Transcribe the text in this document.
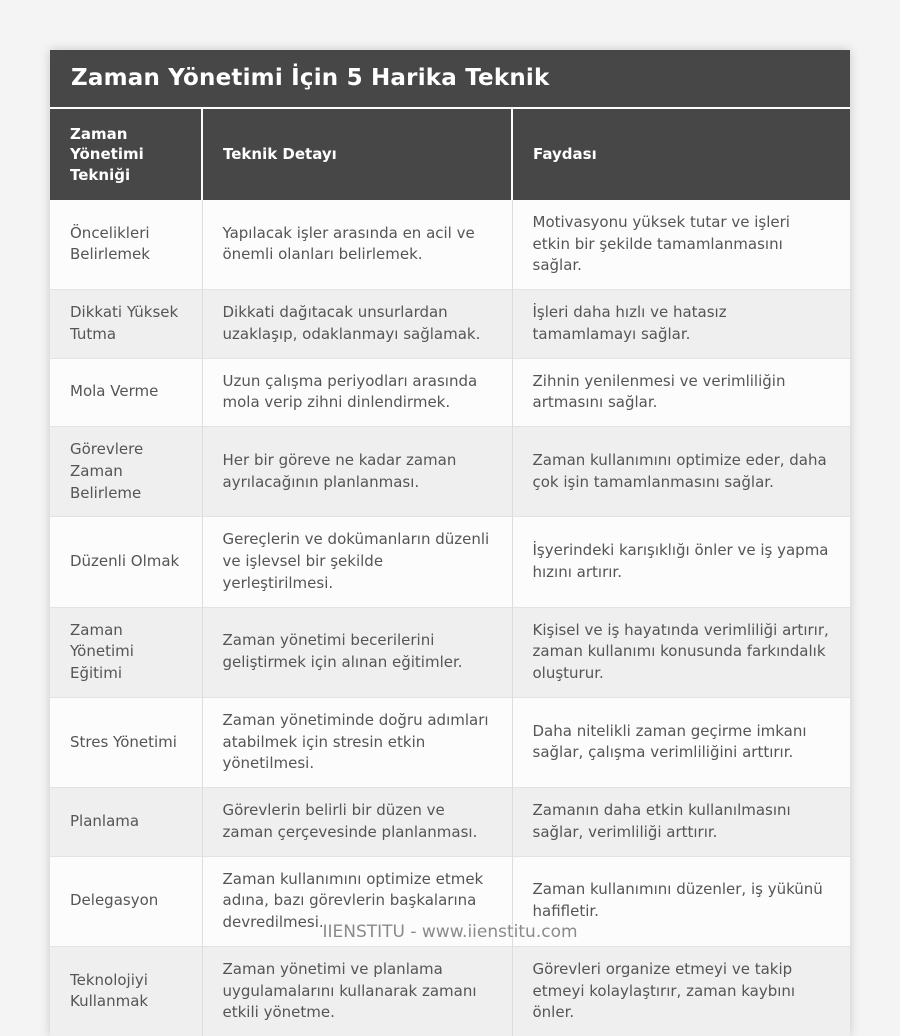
Zaman Yönetimi İçin 5 Harika Teknik
Zaman Yönetimi Tekniği	Teknik Detayı	Faydası
Öncelikleri Belirlemek	Yapılacak işler arasında en acil ve önemli olanları belirlemek.	Motivasyonu yüksek tutar ve işleri etkin bir şekilde tamamlanmasını sağlar.
Dikkati Yüksek Tutma	Dikkati dağıtacak unsurlardan uzaklaşıp, odaklanmayı sağlamak.	İşleri daha hızlı ve hatasız tamamlamayı sağlar.
Mola Verme	Uzun çalışma periyodları arasında mola verip zihni dinlendirmek.	Zihnin yenilenmesi ve verimliliğin artmasını sağlar.
Görevlere Zaman Belirleme	Her bir göreve ne kadar zaman ayrılacağının planlanması.	Zaman kullanımını optimize eder, daha çok işin tamamlanmasını sağlar.
Düzenli Olmak	Gereçlerin ve dokümanların düzenli ve işlevsel bir şekilde yerleştirilmesi.	İşyerindeki karışıklığı önler ve iş yapma hızını artırır.
Zaman Yönetimi Eğitimi	Zaman yönetimi becerilerini geliştirmek için alınan eğitimler.	Kişisel ve iş hayatında verimliliği artırır, zaman kullanımı konusunda farkındalık oluşturur.
Stres Yönetimi	Zaman yönetiminde doğru adımları atabilmek için stresin etkin yönetilmesi.	Daha nitelikli zaman geçirme imkanı sağlar, çalışma verimliliğini arttırır.
Planlama	Görevlerin belirli bir düzen ve zaman çerçevesinde planlanması.	Zamanın daha etkin kullanılmasını sağlar, verimliliği arttırır.
Delegasyon	Zaman kullanımını optimize etmek adına, bazı görevlerin başkalarına devredilmesi.	Zaman kullanımını düzenler, iş yükünü hafifletir.
Teknolojiyi Kullanmak	Zaman yönetimi ve planlama uygulamalarını kullanarak zamanı etkili yönetme.	Görevleri organize etmeyi ve takip etmeyi kolaylaştırır, zaman kaybını önler.
IIENSTITU - www.iienstitu.com
